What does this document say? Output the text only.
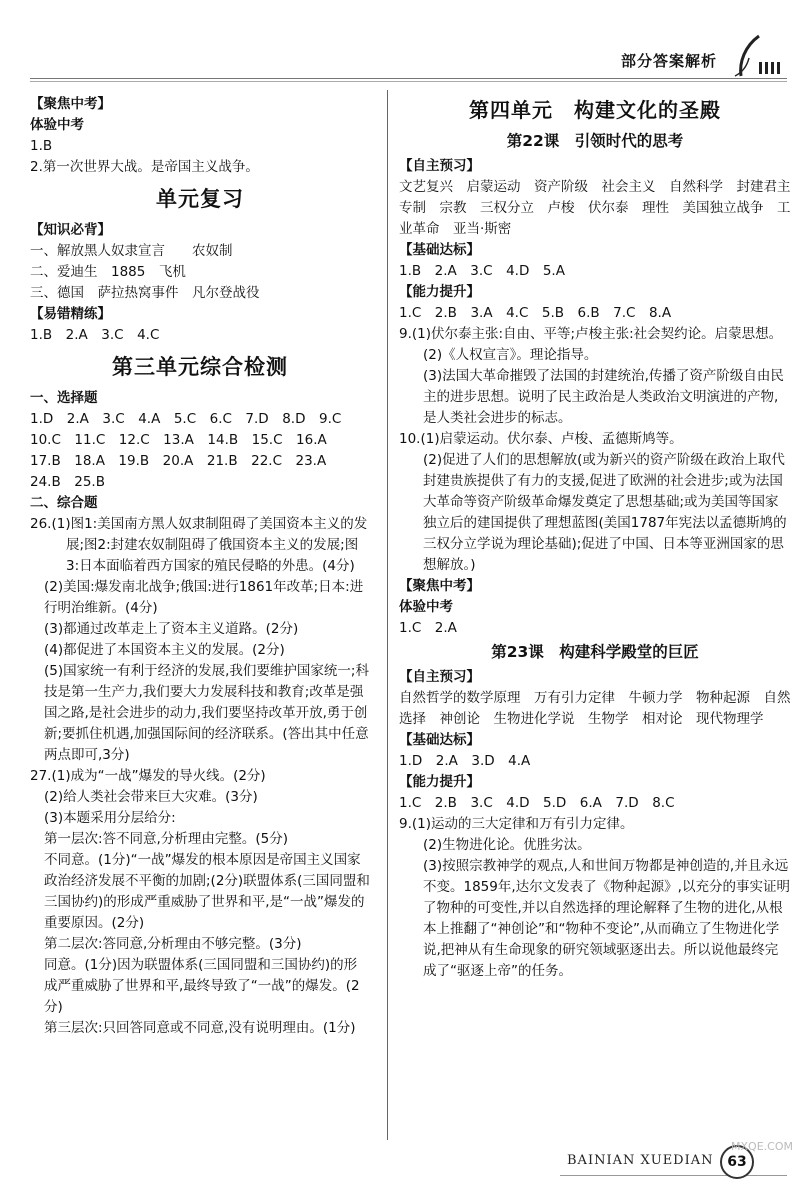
部分答案解析
【聚焦中考】
体验中考
1.B
2.第一次世界大战。是帝国主义战争。
单元复习
【知识必背】
一、解放黑人奴隶宣言　　农奴制
二、爱迪生　1885　飞机
三、德国　萨拉热窝事件　凡尔登战役
【易错精练】
1.B　2.A　3.C　4.C
第三单元综合检测
一、选择题
1.D　2.A　3.C　4.A　5.C　6.C　7.D　8.D　9.C
10.C　11.C　12.C　13.A　14.B　15.C　16.A
17.B　18.A　19.B　20.A　21.B　22.C　23.A
24.B　25.B
二、综合题
26.(1)图1:美国南方黑人奴隶制阻碍了美国资本主义的发展;图2:封建农奴制阻碍了俄国资本主义的发展;图3:日本面临着西方国家的殖民侵略的外患。(4分)
(2)美国:爆发南北战争;俄国:进行1861年改革;日本:进行明治维新。(4分)
(3)都通过改革走上了资本主义道路。(2分)
(4)都促进了本国资本主义的发展。(2分)
(5)国家统一有利于经济的发展,我们要维护国家统一;科技是第一生产力,我们要大力发展科技和教育;改革是强国之路,是社会进步的动力,我们要坚持改革开放,勇于创新;要抓住机遇,加强国际间的经济联系。(答出其中任意两点即可,3分)
27.(1)成为“一战”爆发的导火线。(2分)
(2)给人类社会带来巨大灾难。(3分)
(3)本题采用分层给分:
第一层次:答不同意,分析理由完整。(5分)
不同意。(1分)“一战”爆发的根本原因是帝国主义国家政治经济发展不平衡的加剧;(2分)联盟体系(三国同盟和三国协约)的形成严重威胁了世界和平,是“一战”爆发的重要原因。(2分)
第二层次:答同意,分析理由不够完整。(3分)
同意。(1分)因为联盟体系(三国同盟和三国协约)的形成严重威胁了世界和平,最终导致了“一战”的爆发。(2分)
第三层次:只回答同意或不同意,没有说明理由。(1分)
第四单元　构建文化的圣殿
第22课　引领时代的思考
【自主预习】
文艺复兴　启蒙运动　资产阶级　社会主义　自然科学　封建君主专制　宗教　三权分立　卢梭　伏尔泰　理性　美国独立战争　工业革命　亚当·斯密
【基础达标】
1.B　2.A　3.C　4.D　5.A
【能力提升】
1.C　2.B　3.A　4.C　5.B　6.B　7.C　8.A
9.(1)伏尔泰主张:自由、平等;卢梭主张:社会契约论。启蒙思想。
(2)《人权宣言》。理论指导。
(3)法国大革命摧毁了法国的封建统治,传播了资产阶级自由民主的进步思想。说明了民主政治是人类政治文明演进的产物,是人类社会进步的标志。
10.(1)启蒙运动。伏尔泰、卢梭、孟德斯鸠等。
(2)促进了人们的思想解放(或为新兴的资产阶级在政治上取代封建贵族提供了有力的支援,促进了欧洲的社会进步;或为法国大革命等资产阶级革命爆发奠定了思想基础;或为美国等国家独立后的建国提供了理想蓝图(美国1787年宪法以孟德斯鸠的三权分立学说为理论基础);促进了中国、日本等亚洲国家的思想解放。)
【聚焦中考】
体验中考
1.C　2.A
第23课　构建科学殿堂的巨匠
【自主预习】
自然哲学的数学原理　万有引力定律　牛顿力学　物种起源　自然选择　神创论　生物进化学说　生物学　相对论　现代物理学
【基础达标】
1.D　2.A　3.D　4.A
【能力提升】
1.C　2.B　3.C　4.D　5.D　6.A　7.D　8.C
9.(1)运动的三大定律和万有引力定律。
(2)生物进化论。优胜劣汰。
(3)按照宗教神学的观点,人和世间万物都是神创造的,并且永远不变。1859年,达尔文发表了《物种起源》,以充分的事实证明了物种的可变性,并以自然选择的理论解释了生物的进化,从根本上推翻了“神创论”和“物种不变论”,从而确立了生物进化学说,把神从有生命现象的研究领域驱逐出去。所以说他最终完成了“驱逐上帝”的任务。
BAINIAN XUEDIAN 63
MXQE.COM
